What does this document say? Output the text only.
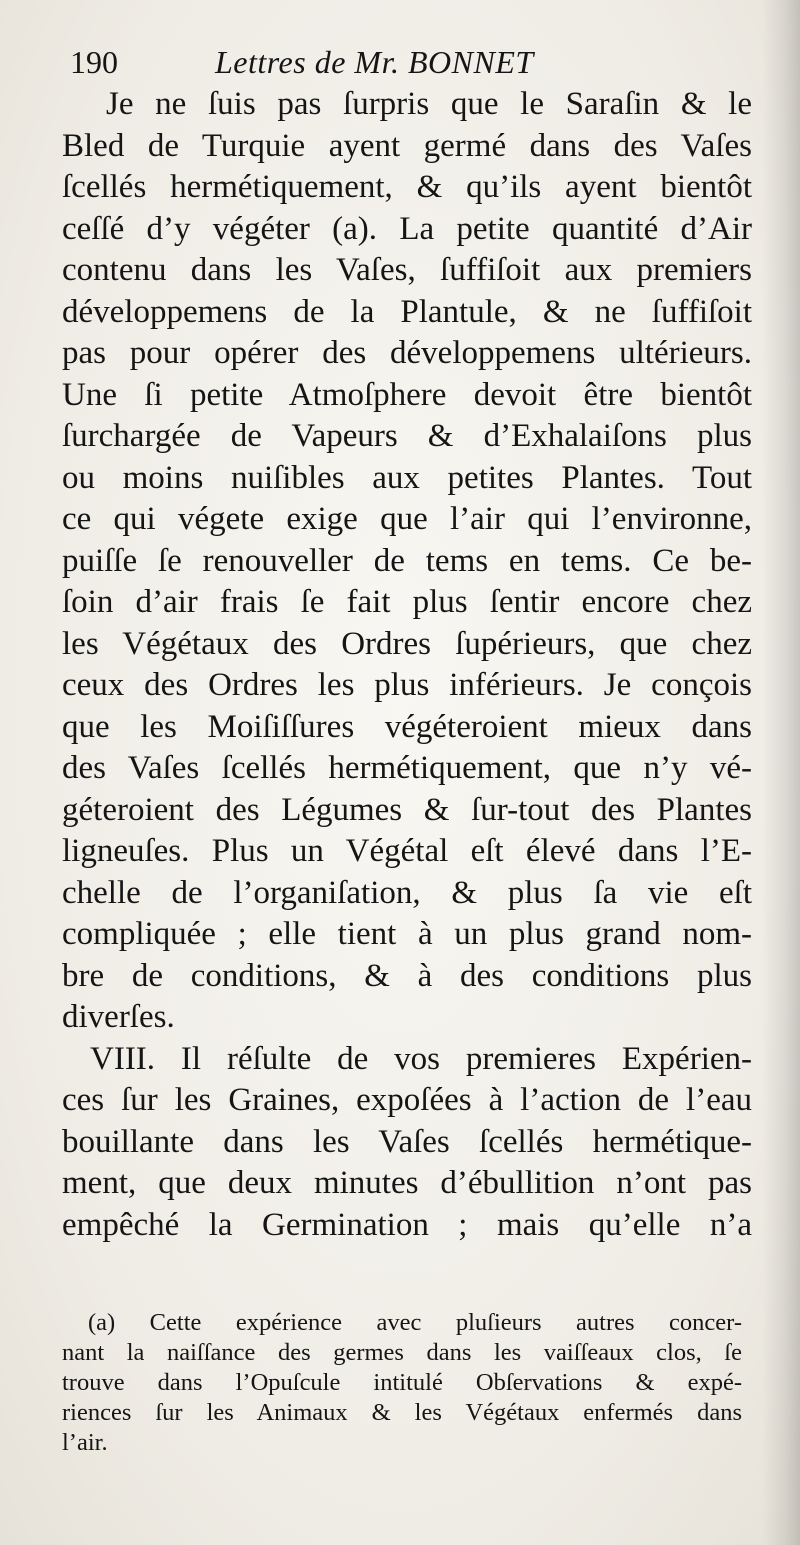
190	Lettres de Mr. BONNET
Je ne ſuis pas ſurpris que le Saraſin & le
Bled de Turquie ayent germé dans des Vaſes
ſcellés hermétiquement, & qu’ils ayent bientôt
ceſſé d’y végéter (a). La petite quantité d’Air
contenu dans les Vaſes, ſuffiſoit aux premiers
développemens de la Plantule, & ne ſuffiſoit
pas pour opérer des développemens ultérieurs.
Une ſi petite Atmoſphere devoit être bientôt
ſurchargée de Vapeurs & d’Exhalaiſons plus
ou moins nuiſibles aux petites Plantes. Tout
ce qui végete exige que l’air qui l’environne,
puiſſe ſe renouveller de tems en tems. Ce be-
ſoin d’air frais ſe fait plus ſentir encore chez
les Végétaux des Ordres ſupérieurs, que chez
ceux des Ordres les plus inférieurs. Je conçois
que les Moiſiſſures végéteroient mieux dans
des Vaſes ſcellés hermétiquement, que n’y vé-
géteroient des Légumes & ſur-tout des Plantes
ligneuſes. Plus un Végétal eſt élevé dans l’E-
chelle de l’organiſation, & plus ſa vie eſt
compliquée ; elle tient à un plus grand nom-
bre de conditions, & à des conditions plus
diverſes.
VIII. Il réſulte de vos premieres Expérien-
ces ſur les Graines, expoſées à l’action de l’eau
bouillante dans les Vaſes ſcellés hermétique-
ment, que deux minutes d’ébullition n’ont pas
empêché la Germination ; mais qu’elle n’a
(a) Cette expérience avec pluſieurs autres concer-
nant la naiſſance des germes dans les vaiſſeaux clos, ſe
trouve dans l’Opuſcule intitulé Obſervations & expé-
riences ſur les Animaux & les Végétaux enfermés dans
l’air.
